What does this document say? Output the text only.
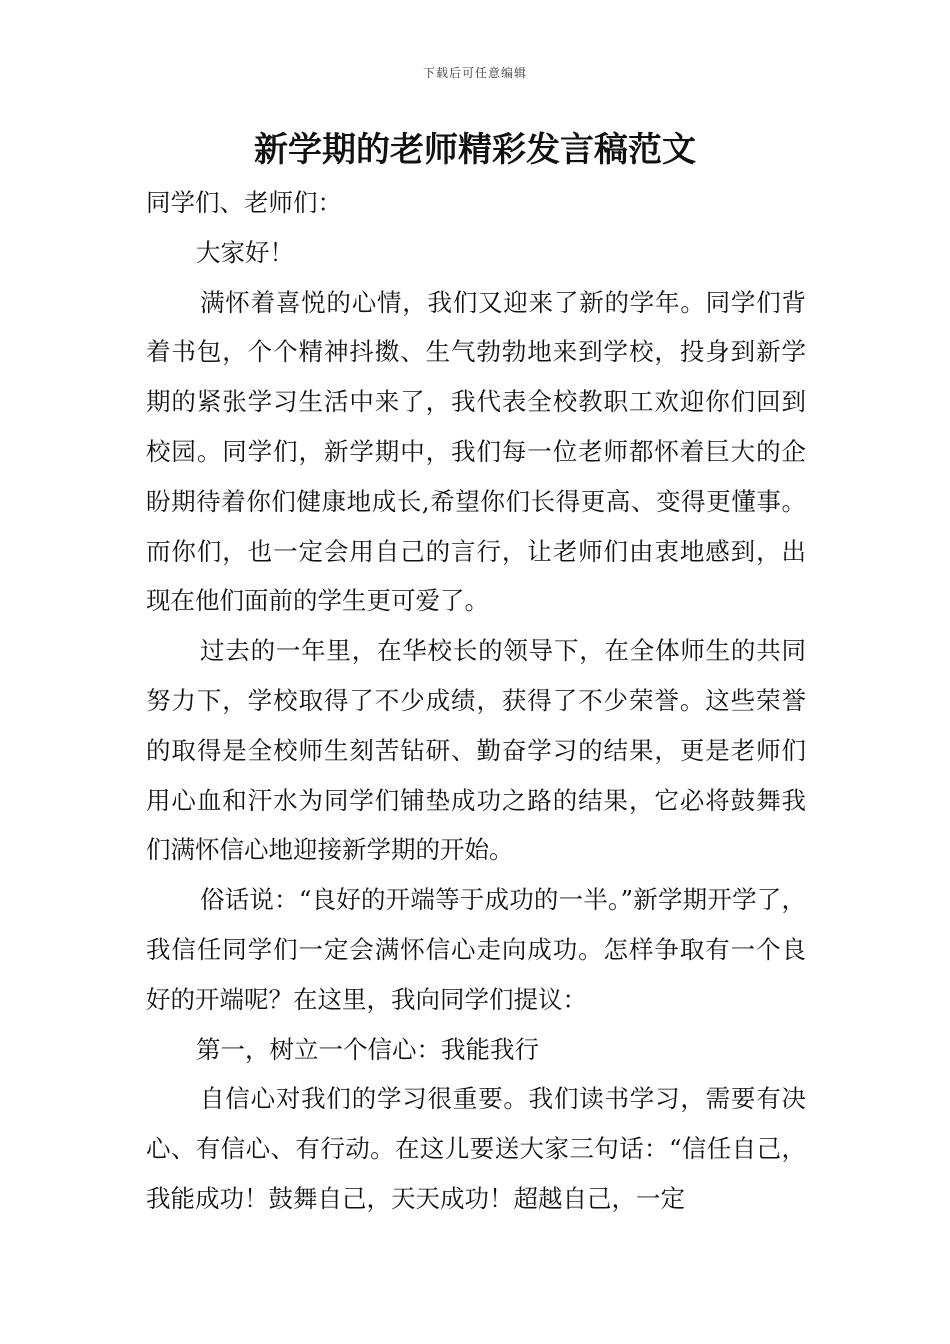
下载后可任意编辑
新学期的老师精彩发言稿范文

同学们、老师们：

大家好！

满怀着喜悦的心情，我们又迎来了新的学年。同学们背着书包，个个精神抖擞、生气勃勃地来到学校，投身到新学期的紧张学习生活中来了，我代表全校教职工欢迎你们回到校园。同学们，新学期中，我们每一位老师都怀着巨大的企盼期待着你们健康地成长,希望你们长得更高、变得更懂事。而你们，也一定会用自己的言行，让老师们由衷地感到，出现在他们面前的学生更可爱了。

过去的一年里，在华校长的领导下，在全体师生的共同努力下，学校取得了不少成绩，获得了不少荣誉。这些荣誉的取得是全校师生刻苦钻研、勤奋学习的结果，更是老师们用心血和汗水为同学们铺垫成功之路的结果，它必将鼓舞我们满怀信心地迎接新学期的开始。

俗话说：“良好的开端等于成功的一半。”新学期开学了，我信任同学们一定会满怀信心走向成功。怎样争取有一个良好的开端呢？在这里，我向同学们提议：

第一，树立一个信心：我能我行

自信心对我们的学习很重要。我们读书学习，需要有决心、有信心、有行动。在这儿要送大家三句话：“信任自己，我能成功！鼓舞自己，天天成功！超越自己，一定
